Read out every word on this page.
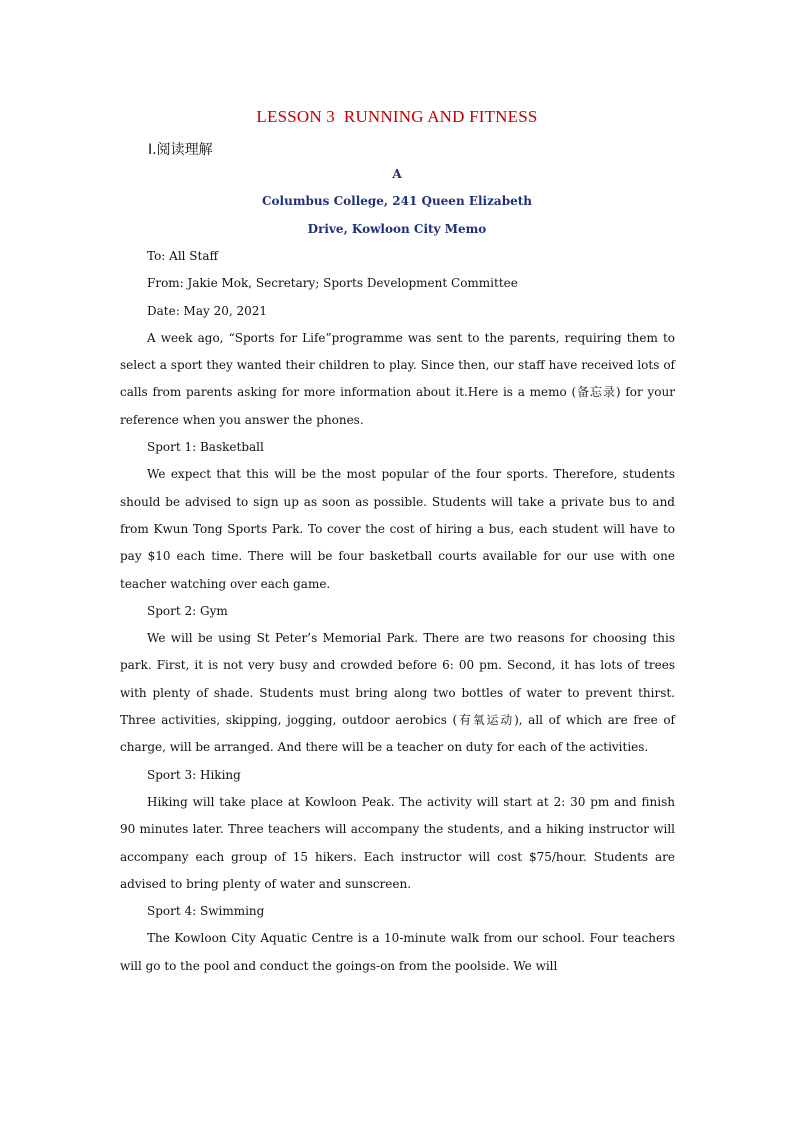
LESSON 3  RUNNING AND FITNESS
Ⅰ.阅读理解
A
Columbus College, 241 Queen Elizabeth
Drive, Kowloon City Memo

To: All Staff

From: Jakie Mok, Secretary; Sports Development Committee

Date: May 20, 2021

A week ago, “Sports for Life”programme was sent to the parents, requiring them to select a sport they wanted their children to play. Since then, our staff have received lots of calls from parents asking for more information about it.Here is a memo (备忘录) for your reference when you answer the phones.

Sport 1: Basketball

We expect that this will be the most popular of the four sports. Therefore, students should be advised to sign up as soon as possible. Students will take a private bus to and from Kwun Tong Sports Park. To cover the cost of hiring a bus, each student will have to pay $10 each time. There will be four basketball courts available for our use with one teacher watching over each game.

Sport 2: Gym

We will be using St Peter’s Memorial Park. There are two reasons for choosing this park. First, it is not very busy and crowded before 6: 00 pm. Second, it has lots of trees with plenty of shade. Students must bring along two bottles of water to prevent thirst. Three activities, skipping, jogging, outdoor aerobics (有氧运动), all of which are free of charge, will be arranged. And there will be a teacher on duty for each of the activities.

Sport 3: Hiking

Hiking will take place at Kowloon Peak. The activity will start at 2: 30 pm and finish 90 minutes later. Three teachers will accompany the students, and a hiking instructor will accompany each group of 15 hikers. Each instructor will cost $75/hour. Students are advised to bring plenty of water and sunscreen.

Sport 4: Swimming

The Kowloon City Aquatic Centre is a 10-minute walk from our school. Four teachers will go to the pool and conduct the goings-on from the poolside. We will
